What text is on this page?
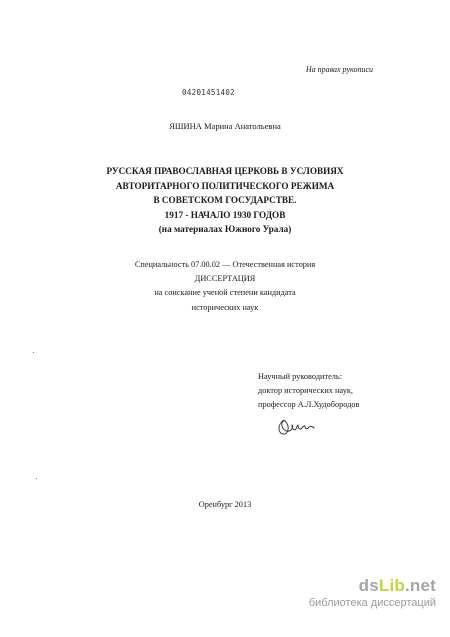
На правах рукописи
04201451402
ЯШИНА Марина Анатольевна
РУССКАЯ ПРАВОСЛАВНАЯ ЦЕРКОВЬ В УСЛОВИЯХ
АВТОРИТАРНОГО ПОЛИТИЧЕСКОГО РЕЖИМА
В СОВЕТСКОМ ГОСУДАРСТВЕ.
1917 - НАЧАЛО 1930 ГОДОВ
(на материалах Южного Урала)
Специальность 07.00.02 — Отечественная история
ДИССЕРТАЦИЯ
на соискание ученой степени кандидата
исторических наук
Научный руководитель:
доктор исторических наук,
профессор А.Л.Худобородов
Оренбург 2013
dsLib.net
библиотека диссертаций
